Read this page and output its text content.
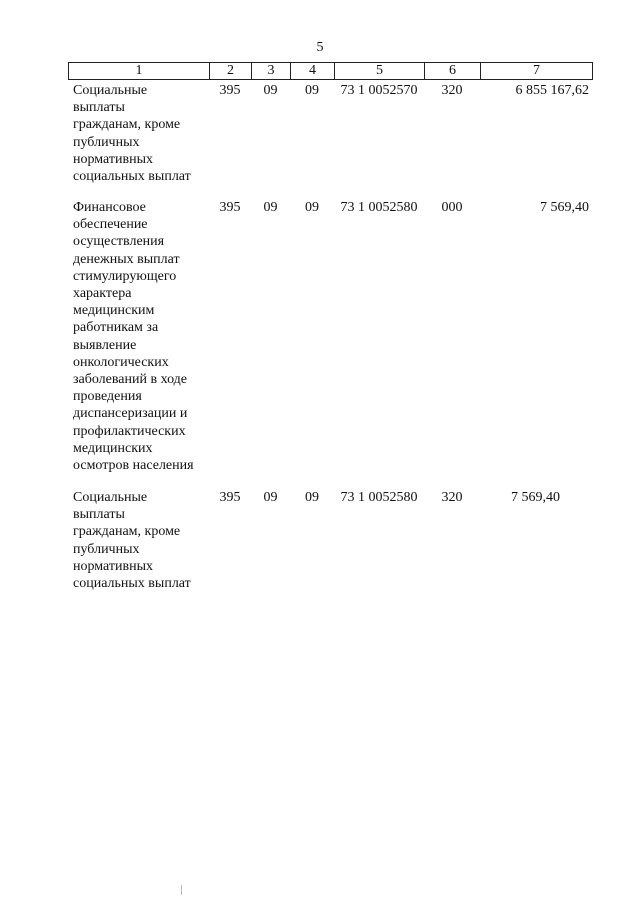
5
1	2	3	4	5	6	7
Социальные
выплаты
гражданам, кроме
публичных
нормативных
социальных выплат
395	09	09	73 1 0052570	320	6 855 167,62
Финансовое
обеспечение
осуществления
денежных выплат
стимулирующего
характера
медицинским
работникам за
выявление
онкологических
заболеваний в ходе
проведения
диспансеризации и
профилактических
медицинских
осмотров населения
395	09	09	73 1 0052580	000	7 569,40
Социальные
выплаты
гражданам, кроме
публичных
нормативных
социальных выплат
395	09	09	73 1 0052580	320	7 569,40
